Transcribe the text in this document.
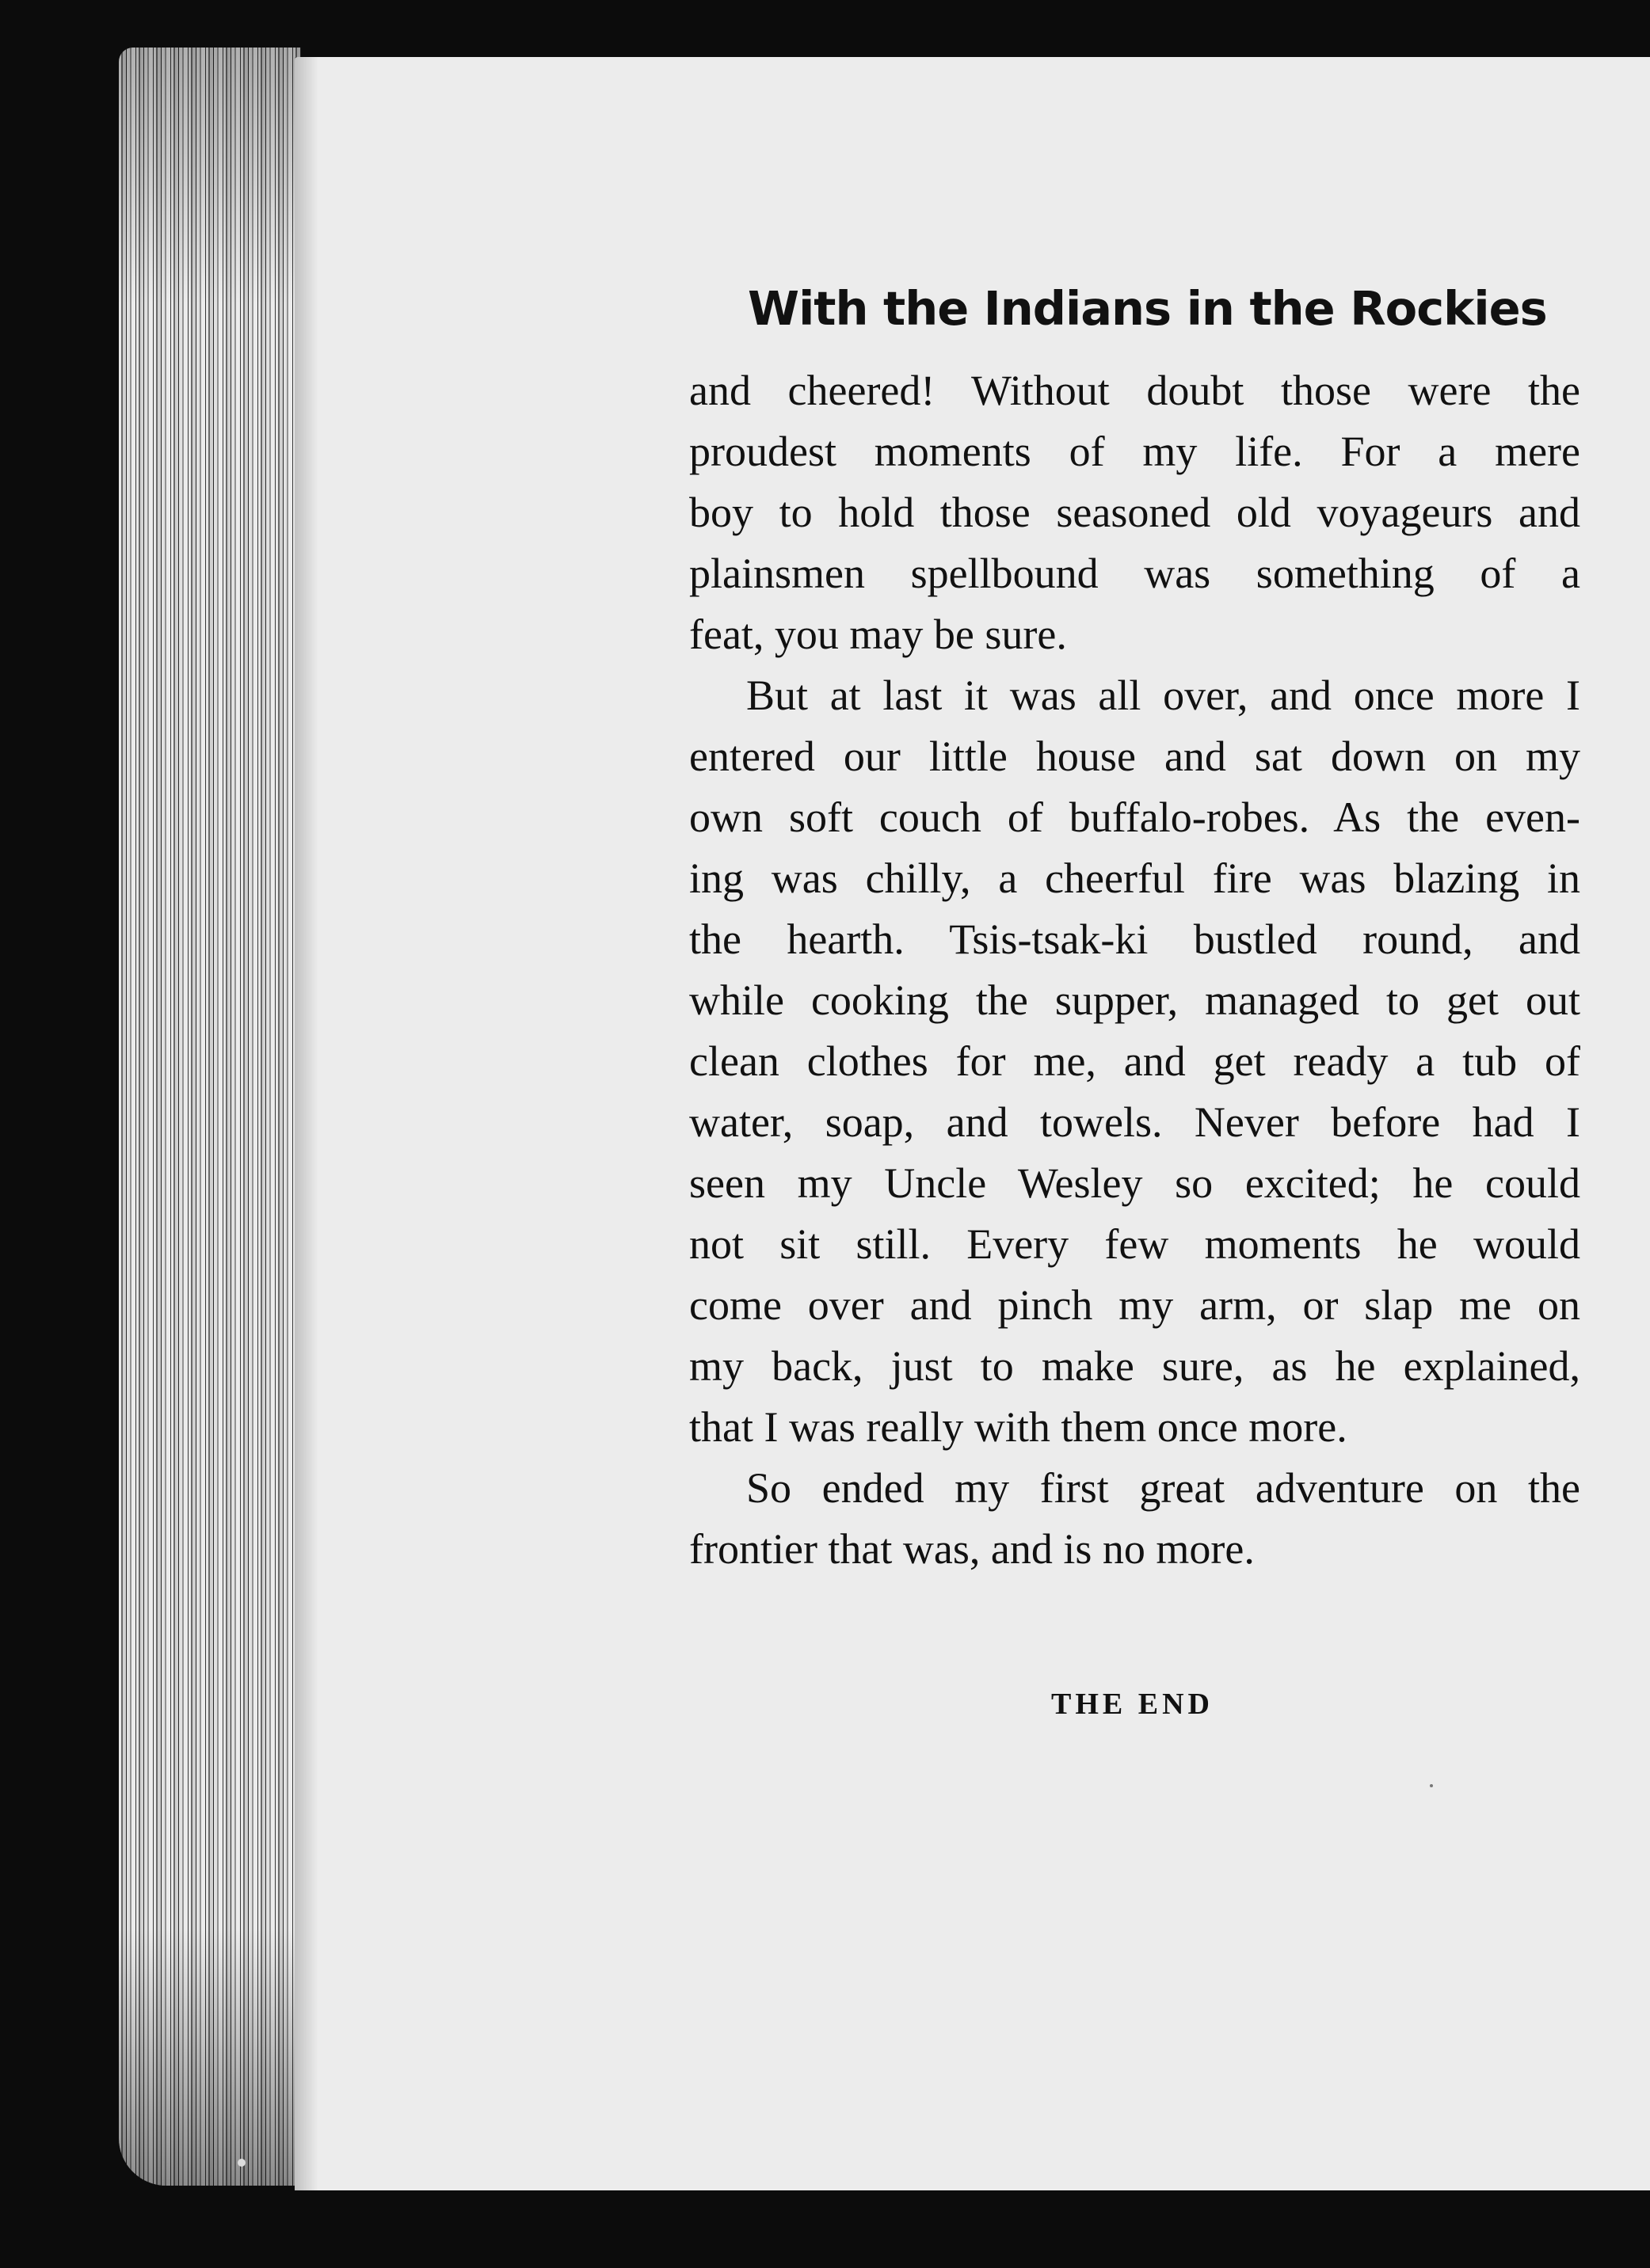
With the Indians in the Rockies
and cheered! Without doubt those were the
proudest moments of my life. For a mere
boy to hold those seasoned old voyageurs and
plainsmen spellbound was something of a
feat, you may be sure.
But at last it was all over, and once more I
entered our little house and sat down on my
own soft couch of buffalo-robes. As the even-
ing was chilly, a cheerful fire was blazing in
the hearth. Tsis-tsak-ki bustled round, and
while cooking the supper, managed to get out
clean clothes for me, and get ready a tub of
water, soap, and towels. Never before had I
seen my Uncle Wesley so excited; he could
not sit still. Every few moments he would
come over and pinch my arm, or slap me on
my back, just to make sure, as he explained,
that I was really with them once more.
So ended my first great adventure on the
frontier that was, and is no more.
THE END
